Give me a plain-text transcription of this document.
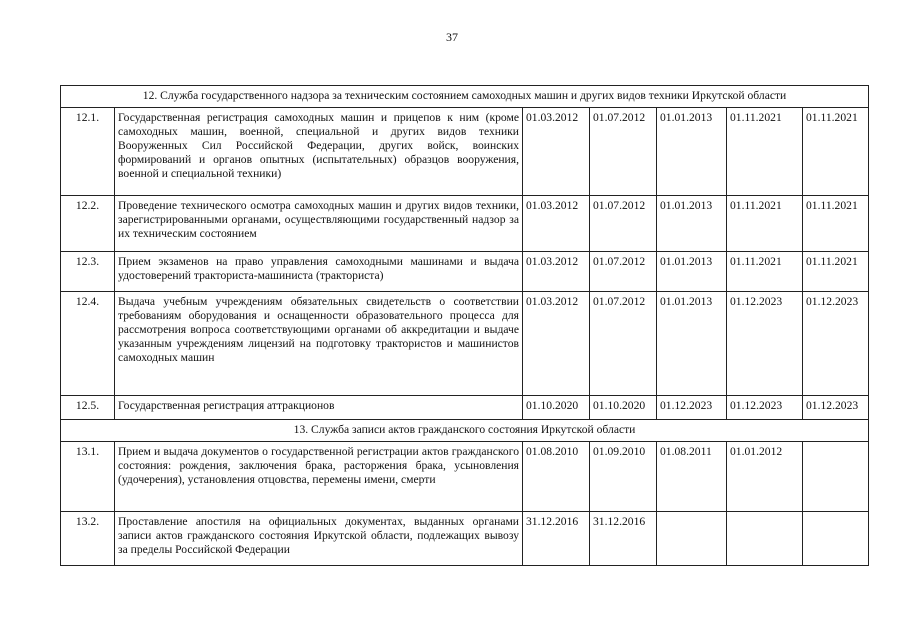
37
12. Служба государственного надзора за техническим состоянием самоходных машин и других видов техники Иркутской области						
12.1.	Государственная регистрация самоходных машин и прицепов к ним (кроме самоходных машин, военной, специальной и других видов техники Вооруженных Сил Российской Федерации, других войск, воинских формирований и органов опытных (испытательных) образцов вооружения, военной и специальной техники)	01.03.2012	01.07.2012	01.01.2013	01.11.2021	01.11.2021
12.2.	Проведение технического осмотра самоходных машин и других видов техники, зарегистрированными органами, осуществляющими государственный надзор за их техническим состоянием	01.03.2012	01.07.2012	01.01.2013	01.11.2021	01.11.2021
12.3.	Прием экзаменов на право управления самоходными машинами и выдача удостоверений тракториста-машиниста (тракториста)	01.03.2012	01.07.2012	01.01.2013	01.11.2021	01.11.2021
12.4.	Выдача учебным учреждениям обязательных свидетельств о соответствии требованиям оборудования и оснащенности образовательного процесса для рассмотрения вопроса соответствующими органами об аккредитации и выдаче указанным учреждениям лицензий на подготовку трактористов и машинистов самоходных машин	01.03.2012	01.07.2012	01.01.2013	01.12.2023	01.12.2023
12.5.	Государственная регистрация аттракционов	01.10.2020	01.10.2020	01.12.2023	01.12.2023	01.12.2023
13. Служба записи актов гражданского состояния Иркутской области						
13.1.	Прием и выдача документов о государственной регистрации актов гражданского состояния: рождения, заключения брака, расторжения брака, усыновления (удочерения), установления отцовства, перемены имени, смерти	01.08.2010	01.09.2010	01.08.2011	01.01.2012	
13.2.	Проставление апостиля на официальных документах, выданных органами записи актов гражданского состояния Иркутской области, подлежащих вывозу за пределы Российской Федерации	31.12.2016	31.12.2016			
